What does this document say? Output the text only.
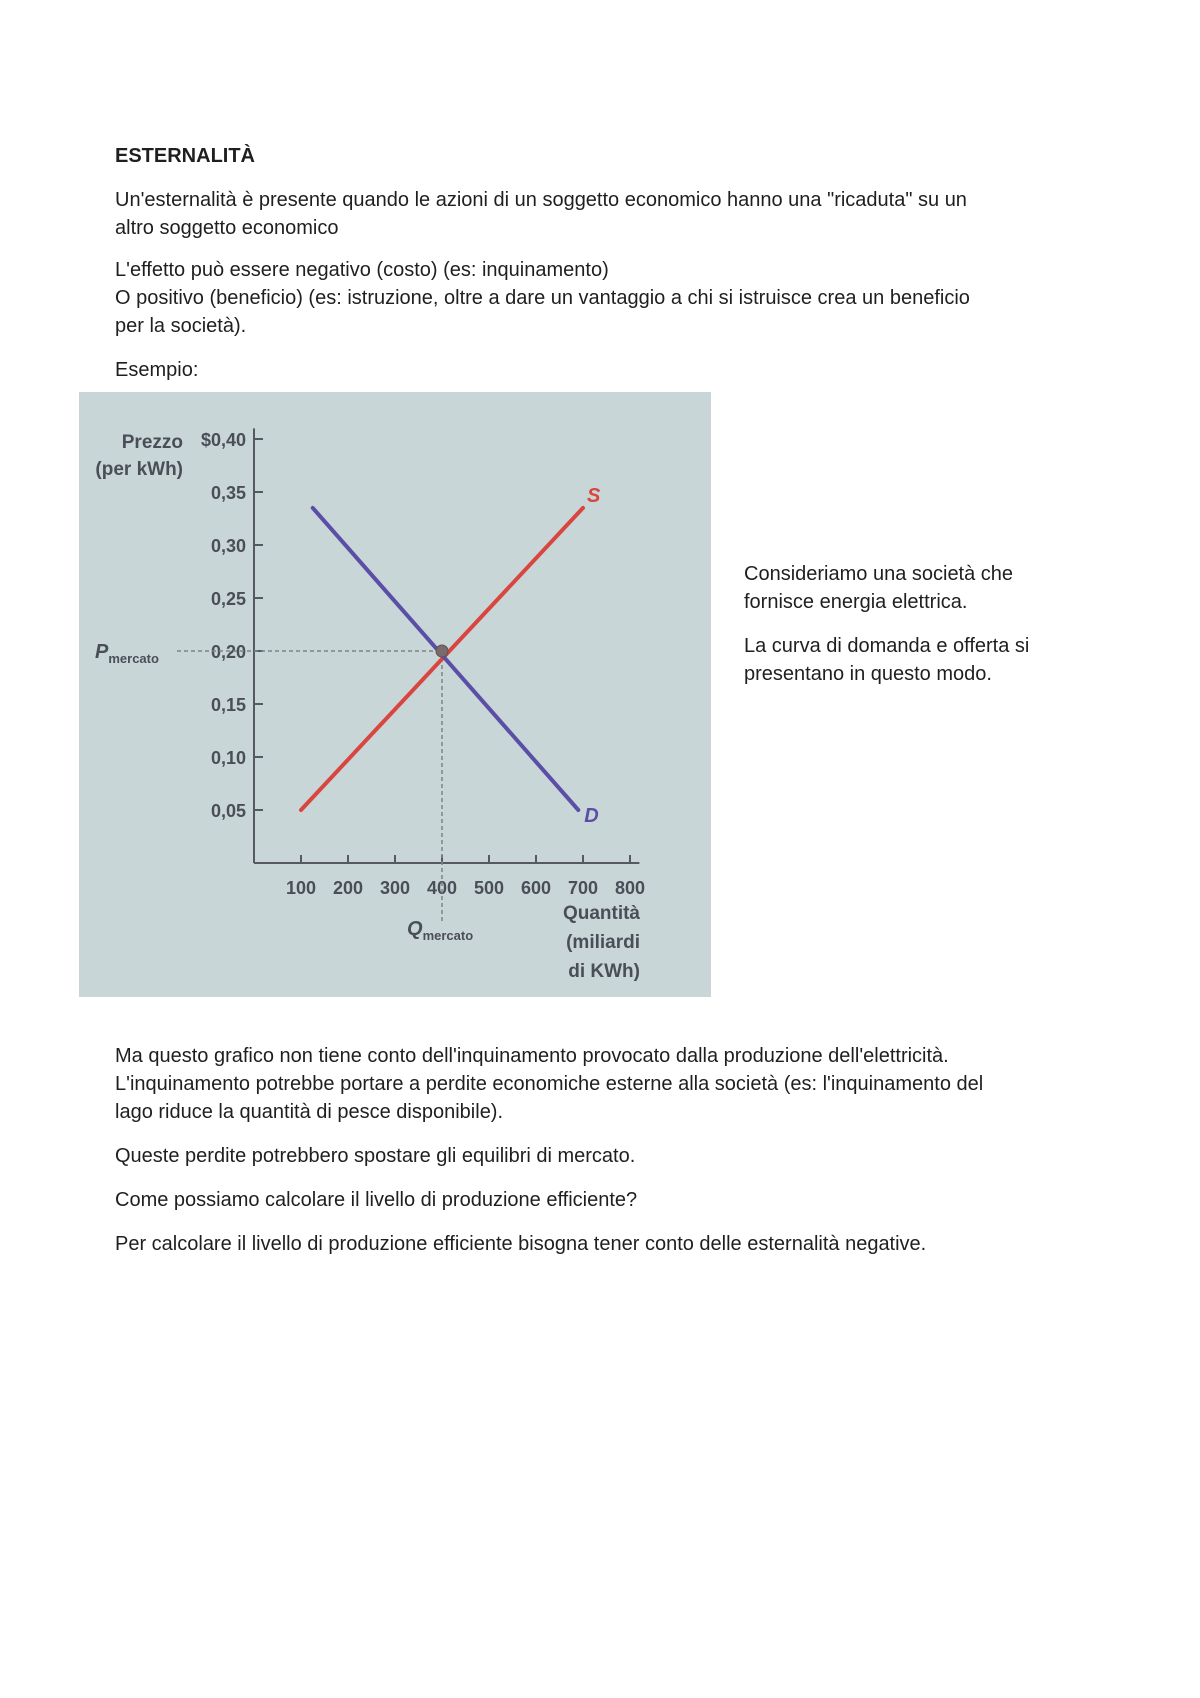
ESTERNALITÀ

Un'esternalità è presente quando le azioni di un soggetto economico hanno una "ricaduta" su un
altro soggetto economico

L'effetto può essere negativo (costo) (es: inquinamento)
O positivo (beneficio) (es: istruzione, oltre a dare un vantaggio a chi si istruisce crea un beneficio
per la società).

Esempio:

$0,40
0,35
0,30
0,25
0,20
0,15
0,10
0,05
100 200 300 400 500 600 700 800
Prezzo
(per kWh)
Quantità
(miliardi
di KWh)
S
D
$P_{mercato}$
$Q_{mercato}$

Consideriamo una società che
fornisce energia elettrica.

La curva di domanda e offerta si
presentano in questo modo.

Ma questo grafico non tiene conto dell'inquinamento provocato dalla produzione dell'elettricità.
L'inquinamento potrebbe portare a perdite economiche esterne alla società (es: l'inquinamento del
lago riduce la quantità di pesce disponibile).

Queste perdite potrebbero spostare gli equilibri di mercato.

Come possiamo calcolare il livello di produzione efficiente?

Per calcolare il livello di produzione efficiente bisogna tener conto delle esternalità negative.
